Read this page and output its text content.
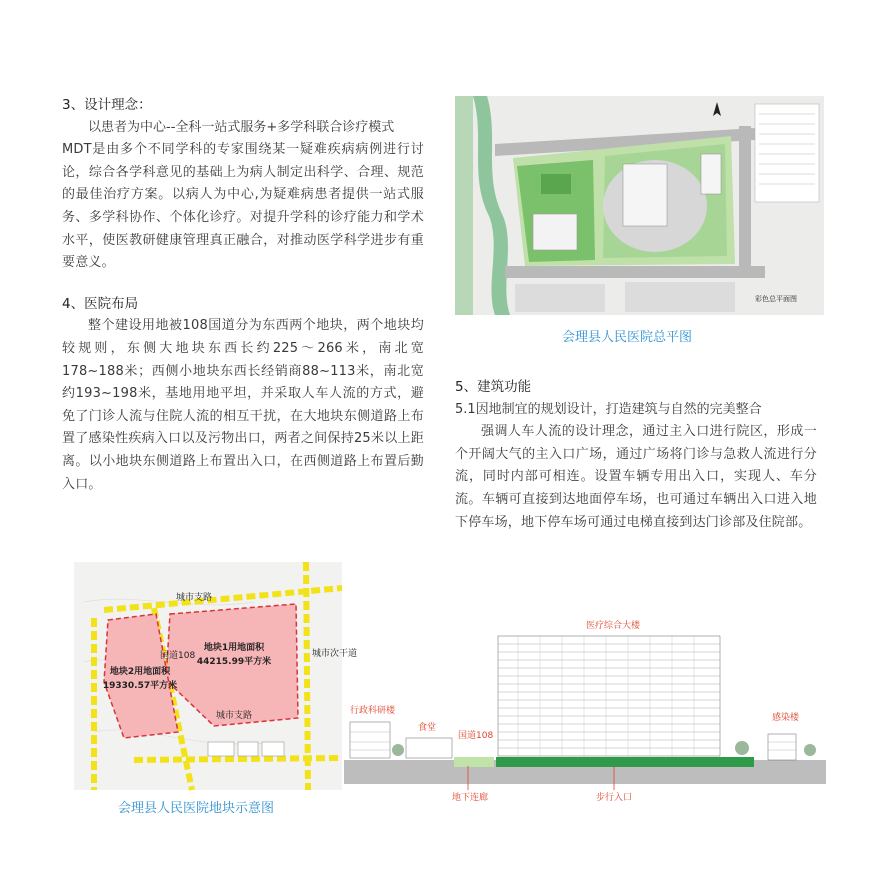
3、设计理念：
以患者为中心--全科一站式服务+多学科联合诊疗模式

MDT是由多个不同学科的专家围绕某一疑难疾病病例进行讨论，综合各学科意见的基础上为病人制定出科学、合理、规范的最佳治疗方案。以病人为中心,为疑难病患者提供一站式服务、多学科协作、个体化诊疗。对提升学科的诊疗能力和学术水平，使医教研健康管理真正融合，对推动医学科学进步有重要意义。

4、医院布局

整个建设用地被108国道分为东西两个地块，两个地块均较规则，东侧大地块东西长约225～266米，南北宽178~188米；西侧小地块东西长经销商88~113米，南北宽约193~198米，基地用地平坦，并采取人车人流的方式，避免了门诊人流与住院人流的相互干扰，在大地块东侧道路上布置了感染性疾病入口以及污物出口，两者之间保持25米以上距离。以小地块东侧道路上布置出入口，在西侧道路上布置后勤入口。

彩色总平面图
会理县人民医院总平图
5、建筑功能
5.1因地制宜的规划设计，打造建筑与自然的完美整合

强调人车人流的设计理念，通过主入口进行院区，形成一个开阔大气的主入口广场，通过广场将门诊与急救人流进行分流，同时内部可相连。设置车辆专用出入口，实现人、车分流。车辆可直接到达地面停车场，也可通过车辆出入口进入地下停车场，地下停车场可通过电梯直接到达门诊部及住院部。

城市支路
城市支路
城市次干道
国道108
地块1用地面积
44215.99平方米
地块2用地面积
19330.57平方米
会理县人民医院地块示意图
医疗综合大楼
行政科研楼
食堂
国道108
感染楼
地下连廊	步行入口
